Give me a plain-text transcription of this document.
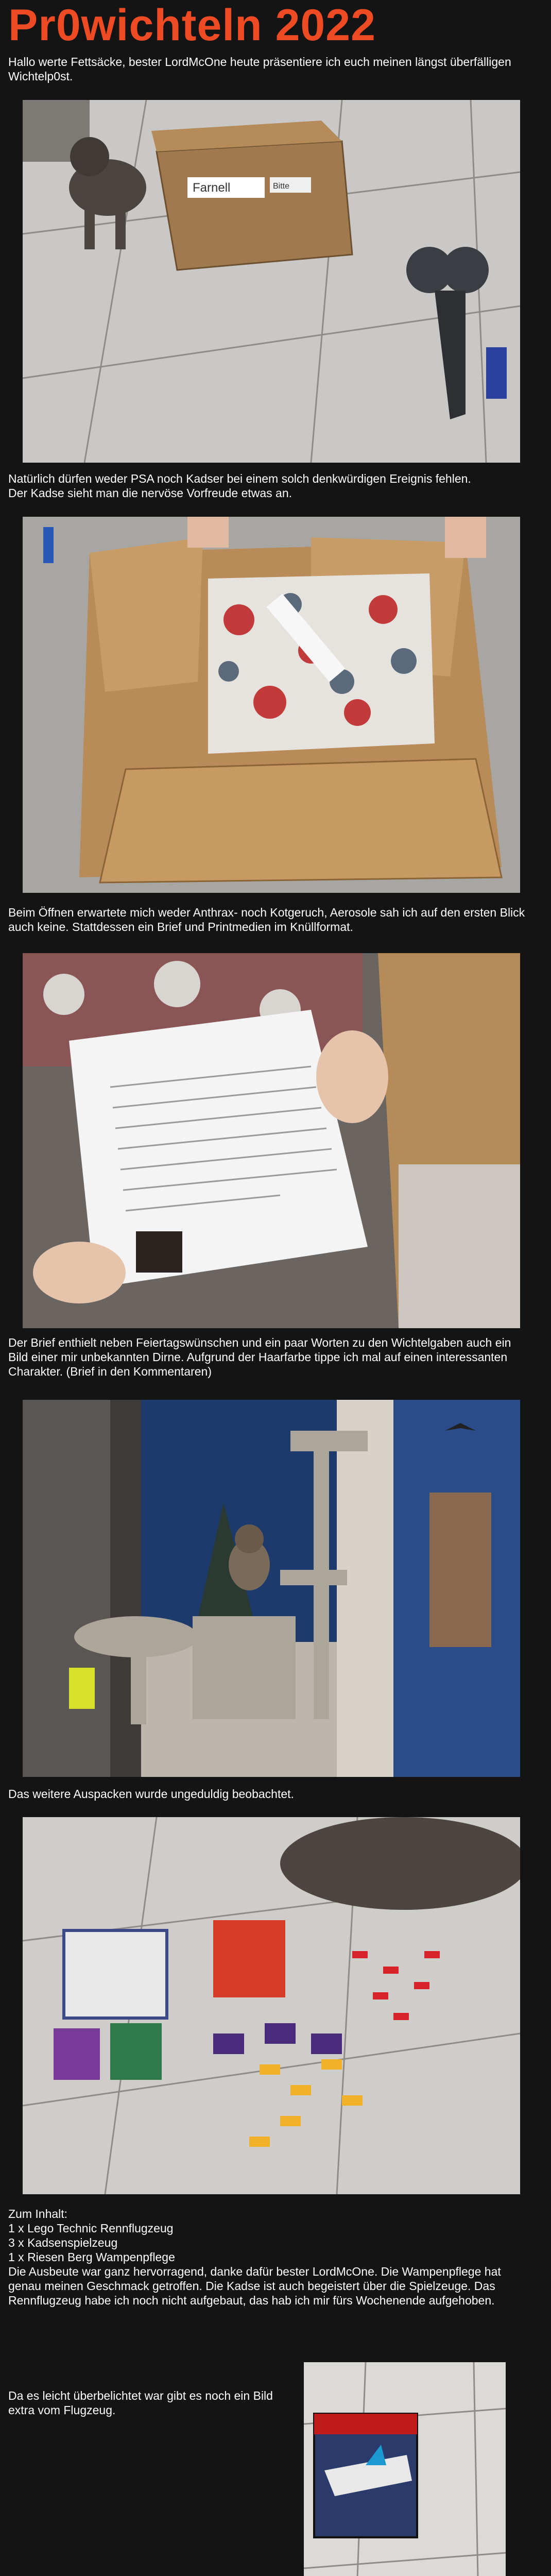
Pr0wichteln 2022

Hallo werte Fettsäcke, bester LordMcOne heute präsentiere ich euch meinen längst überfälligen Wichtelp0st.

Farnell	Bitte

Natürlich dürfen weder PSA noch Kadser bei einem solch denkwürdigen Ereignis fehlen.
Der Kadse sieht man die nervöse Vorfreude etwas an.

Beim Öffnen erwartete mich weder Anthrax- noch Kotgeruch, Aerosole sah ich auf den ersten Blick auch keine. Stattdessen ein Brief und Printmedien im Knüllformat.

Der Brief enthielt neben Feiertagswünschen und ein paar Worten zu den Wichtelgaben auch ein Bild einer mir unbekannten Dirne. Aufgrund der Haarfarbe tippe ich mal auf einen interessanten Charakter. (Brief in den Kommentaren)

Das weitere Auspacken wurde ungeduldig beobachtet.

Zum Inhalt:
1 x Lego Technic Rennflugzeug
3 x Kadsenspielzeug
1 x Riesen Berg Wampenpflege
Die Ausbeute war ganz hervorragend, danke dafür bester LordMcOne. Die Wampenpflege hat genau meinen Geschmack getroffen. Die Kadse ist auch begeistert über die Spielzeuge. Das Rennflugzeug habe ich noch nicht aufgebaut, das hab ich mir fürs Wochenende aufgehoben.

Da es leicht überbelichtet war gibt es noch ein Bild extra vom Flugzeug.
